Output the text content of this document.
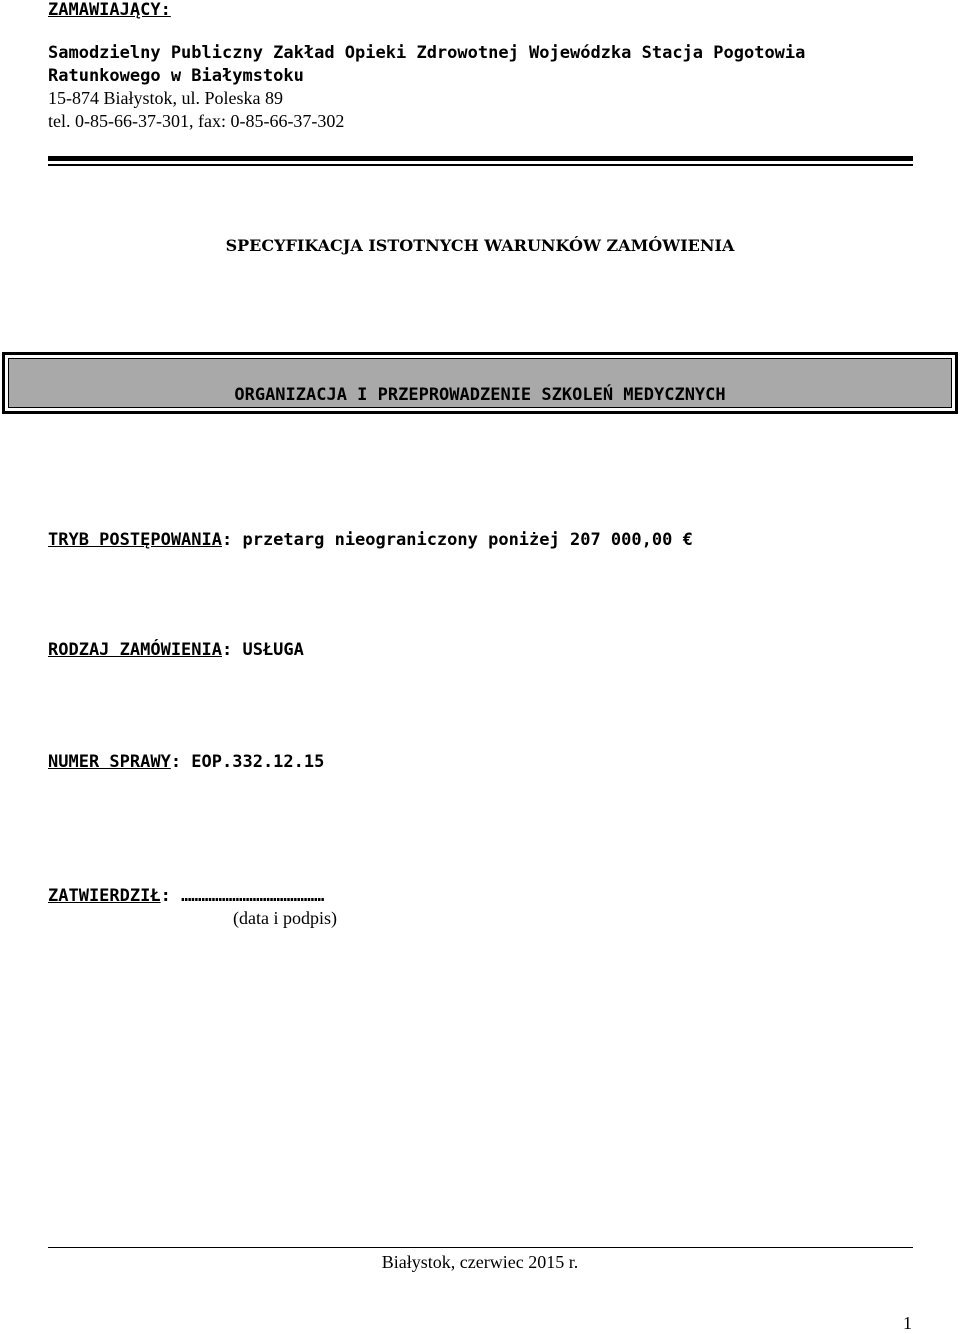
ZAMAWIAJĄCY:
Samodzielny Publiczny Zakład Opieki Zdrowotnej Wojewódzka Stacja Pogotowia
Ratunkowego w Białymstoku
15-874 Białystok, ul. Poleska 89
tel. 0-85-66-37-301, fax: 0-85-66-37-302
SPECYFIKACJA ISTOTNYCH WARUNKÓW ZAMÓWIENIA
ORGANIZACJA I PRZEPROWADZENIE SZKOLEŃ MEDYCZNYCH
TRYB POSTĘPOWANIA: przetarg nieograniczony poniżej 207 000,00 €
RODZAJ ZAMÓWIENIA: USŁUGA
NUMER SPRAWY: EOP.332.12.15
ZATWIERDZIŁ: ……………………………………
(data i podpis)
Białystok, czerwiec 2015 r.
1
